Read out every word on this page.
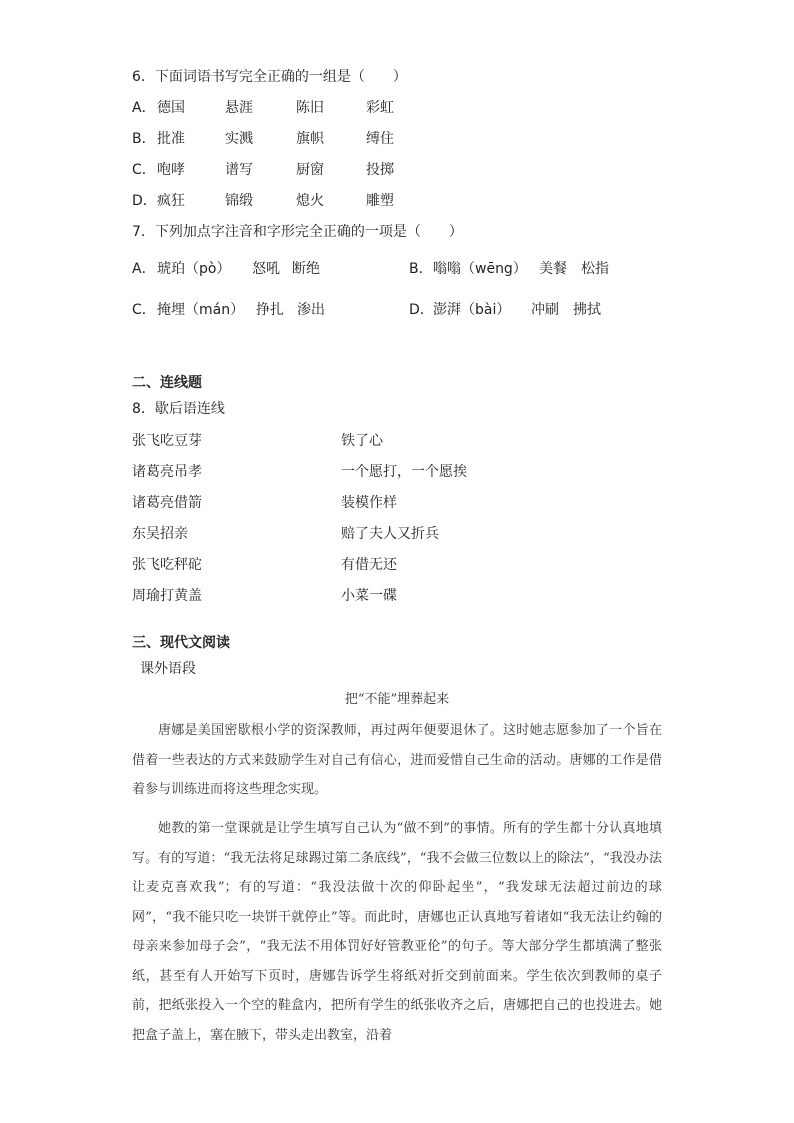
6．下面词语书写完全正确的一组是（　　）
A． 德国	悬涯	陈旧	彩虹
B． 批准	实溅	旗帜	缚住
C． 咆哮	谱写	厨窗	投掷
D． 疯狂	锦缎	熄火	雕塑
7．下列加点字注音和字形完全正确的一项是（　　）
A． 琥珀（pò） 怒吼 断绝	B． 嗡嗡（wēng） 美餐 松指
C． 掩埋（mán） 挣扎 渗出	D． 澎湃（bài） 冲刷 拂拭
二、连线题
8．歇后语连线
张飞吃豆芽	铁了心
诸葛亮吊孝	一个愿打，一个愿挨
诸葛亮借箭	装模作样
东吴招亲	赔了夫人又折兵
张飞吃秤砣	有借无还
周瑜打黄盖	小菜一碟
三、现代文阅读
课外语段
把“不能”埋葬起来
唐娜是美国密歇根小学的资深教师，再过两年便要退休了。这时她志愿参加了一个旨在借着一些表达的方式来鼓励学生对自己有信心，进而爱惜自己生命的活动。唐娜的工作是借着参与训练进而将这些理念实现。
她教的第一堂课就是让学生填写自己认为“做不到”的事情。所有的学生都十分认真地填写。有的写道：“我无法将足球踢过第二条底线”，“我不会做三位数以上的除法”，“我没办法让麦克喜欢我”；有的写道：“我没法做十次的仰卧起坐”，“我发球无法超过前边的球网”，“我不能只吃一块饼干就停止”等。而此时，唐娜也正认真地写着诸如“我无法让约翰的母亲来参加母子会”，“我无法不用体罚好好管教亚伦”的句子。等大部分学生都填满了整张纸，甚至有人开始写下页时，唐娜告诉学生将纸对折交到前面来。学生依次到教师的桌子前，把纸张投入一个空的鞋盒内，把所有学生的纸张收齐之后，唐娜把自己的也投进去。她把盒子盖上，塞在腋下，带头走出教室，沿着
